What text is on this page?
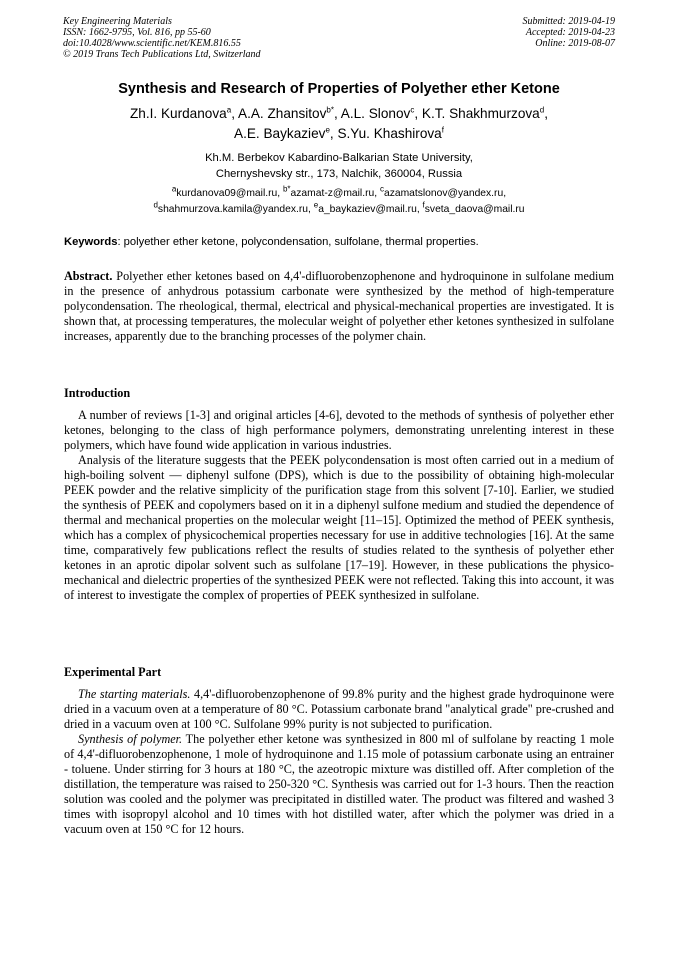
Key Engineering Materials
ISSN: 1662-9795, Vol. 816, pp 55-60
doi:10.4028/www.scientific.net/KEM.816.55
© 2019 Trans Tech Publications Ltd, Switzerland
Submitted: 2019-04-19
Accepted: 2019-04-23
Online: 2019-08-07
Synthesis and Research of Properties of Polyether ether Ketone
Zh.I. Kurdanova$^a$, A.A. Zhansitov$^{b*}$, A.L. Slonov$^c$, K.T. Shakhmurzova$^d$,
A.E. Baykaziev$^e$, S.Yu. Khashirova$^f$
Kh.M. Berbekov Kabardino-Balkarian State University,
Chernyshevsky str., 173, Nalchik, 360004, Russia
$^a$kurdanova09@mail.ru, $^{b*}$azamat-z@mail.ru, $^c$azamatslonov@yandex.ru,
$^d$shahmurzova.kamila@yandex.ru, $^e$a_baykaziev@mail.ru, $^f$sveta_daova@mail.ru
Keywords: polyether ether ketone, polycondensation, sulfolane, thermal properties.
Abstract. Polyether ether ketones based on 4,4'-difluorobenzophenone and hydroquinone in sulfolane medium in the presence of anhydrous potassium carbonate were synthesized by the method of high-temperature polycondensation. The rheological, thermal, electrical and physical-mechanical properties are investigated. It is shown that, at processing temperatures, the molecular weight of polyether ether ketones synthesized in sulfolane increases, apparently due to the branching processes of the polymer chain.
Introduction

A number of reviews [1-3] and original articles [4-6], devoted to the methods of synthesis of polyether ether ketones, belonging to the class of high performance polymers, demonstrating unrelenting interest in these polymers, which have found wide application in various industries.

Analysis of the literature suggests that the PEEK polycondensation is most often carried out in a medium of high-boiling solvent — diphenyl sulfone (DPS), which is due to the possibility of obtaining high-molecular PEEK powder and the relative simplicity of the purification stage from this solvent [7-10]. Earlier, we studied the synthesis of PEEK and copolymers based on it in a diphenyl sulfone medium and studied the dependence of thermal and mechanical properties on the molecular weight [11–15]. Optimized the method of PEEK synthesis, which has a complex of physicochemical properties necessary for use in additive technologies [16]. At the same time, comparatively few publications reflect the results of studies related to the synthesis of polyether ether ketones in an aprotic dipolar solvent such as sulfolane [17–19]. However, in these publications the physico-mechanical and dielectric properties of the synthesized PEEK were not reflected. Taking this into account, it was of interest to investigate the complex of properties of PEEK synthesized in sulfolane.

Experimental Part

The starting materials. 4,4'-difluorobenzophenone of 99.8% purity and the highest grade hydroquinone were dried in a vacuum oven at a temperature of 80 °C. Potassium carbonate brand "analytical grade" pre-crushed and dried in a vacuum oven at 100 °C. Sulfolane 99% purity is not subjected to purification.

Synthesis of polymer. The polyether ether ketone was synthesized in 800 ml of sulfolane by reacting 1 mole of 4,4'-difluorobenzophenone, 1 mole of hydroquinone and 1.15 mole of potassium carbonate using an entrainer - toluene. Under stirring for 3 hours at 180 °C, the azeotropic mixture was distilled off. After completion of the distillation, the temperature was raised to 250-320 °C. Synthesis was carried out for 1-3 hours. Then the reaction solution was cooled and the polymer was precipitated in distilled water. The product was filtered and washed 3 times with isopropyl alcohol and 10 times with hot distilled water, after which the polymer was dried in a vacuum oven at 150 °C for 12 hours.
